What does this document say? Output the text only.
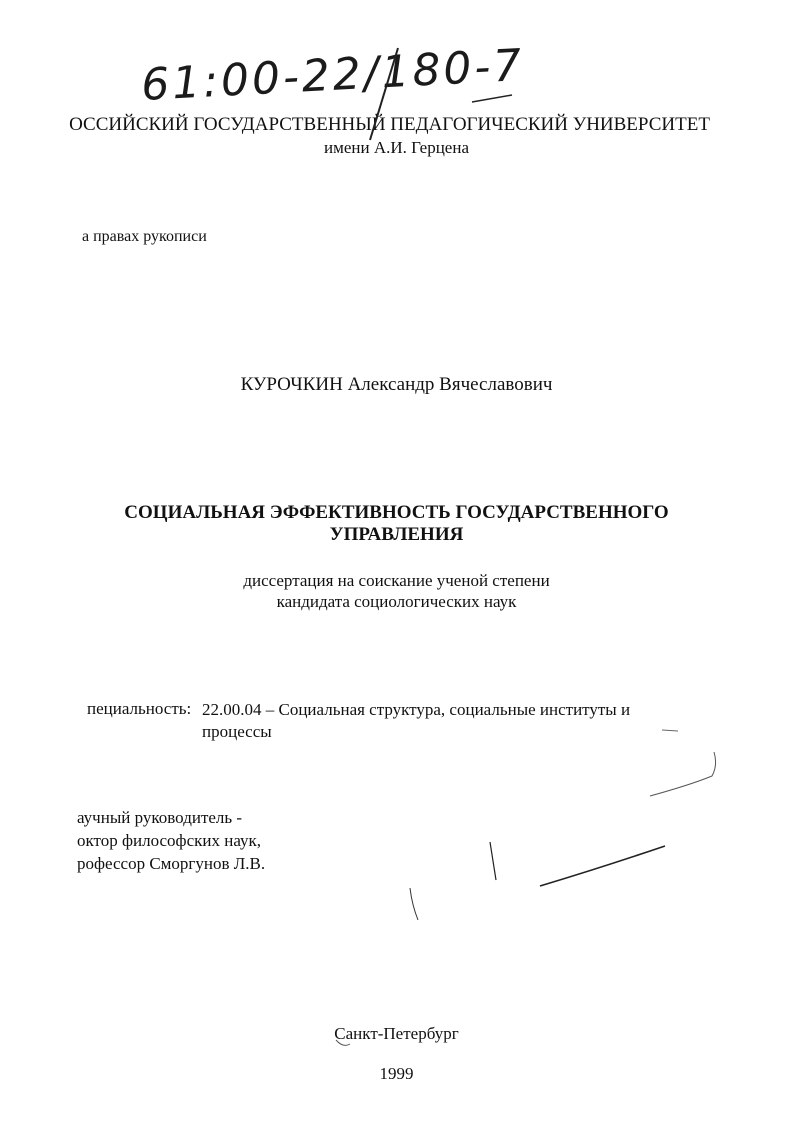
61:00-22/180-7
ОССИЙСКИЙ ГОСУДАРСТВЕННЫЙ ПЕДАГОГИЧЕСКИЙ УНИВЕРСИТЕТ
имени А.И. Герцена
а правах рукописи
КУРОЧКИН Александр Вячеславович
СОЦИАЛЬНАЯ ЭФФЕКТИВНОСТЬ ГОСУДАРСТВЕННОГО
УПРАВЛЕНИЯ
диссертация на соискание ученой степени
кандидата социологических наук
пециальность: 22.00.04 – Социальная структура, социальные институты и процессы
аучный руководитель -
октор философских наук,
рофессор Сморгунов Л.В.
Санкт-Петербург
1999
